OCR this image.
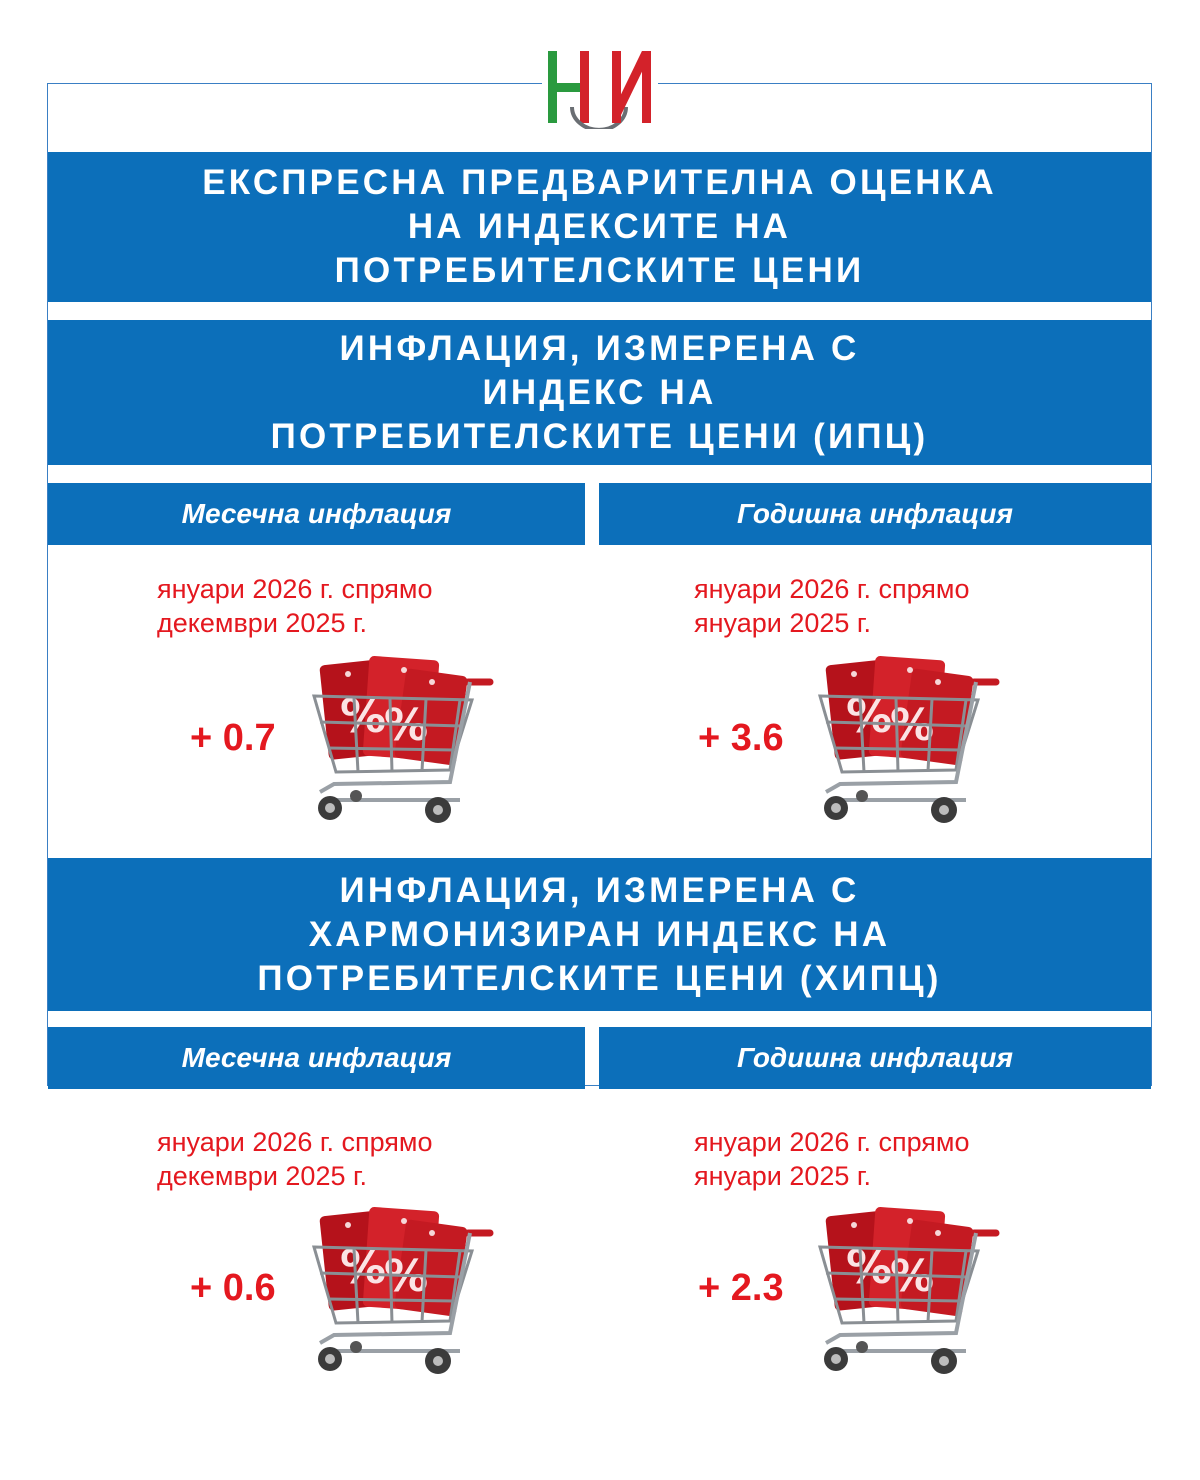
ЕКСПРЕСНА ПРЕДВАРИТЕЛНА ОЦЕНКА
НА ИНДЕКСИТЕ НА
ПОТРЕБИТЕЛСКИТЕ ЦЕНИ
ИНФЛАЦИЯ, ИЗМЕРЕНА С
ИНДЕКС НА
ПОТРЕБИТЕЛСКИТЕ ЦЕНИ (ИПЦ)
Месечна инфлация	Годишна инфлация
януари 2026 г. спрямо
декември 2025 г.
януари 2026 г. спрямо
януари 2025 г.
+ 0.7	+ 3.6
ИНФЛАЦИЯ, ИЗМЕРЕНА С
ХАРМОНИЗИРАН ИНДЕКС НА
ПОТРЕБИТЕЛСКИТЕ ЦЕНИ (ХИПЦ)
Месечна инфлация	Годишна инфлация
януари 2026 г. спрямо
декември 2025 г.
януари 2026 г. спрямо
януари 2025 г.
+ 0.6	+ 2.3
